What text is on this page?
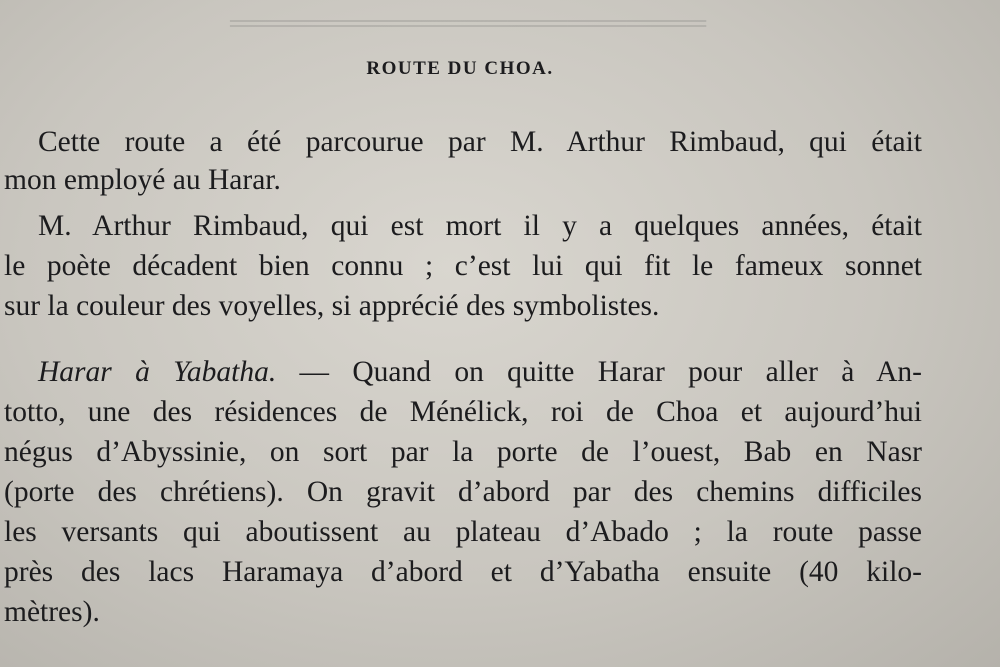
════════════════════════
ROUTE DU CHOA.
Cette route a été parcourue par M. Arthur Rimbaud, qui était
mon employé au Harar.
M. Arthur Rimbaud, qui est mort il y a quelques années, était
le poète décadent bien connu ; c’est lui qui fit le fameux sonnet
sur la couleur des voyelles, si apprécié des symbolistes.
Harar à Yabatha. — Quand on quitte Harar pour aller à An-
totto, une des résidences de Ménélick, roi de Choa et aujourd’hui
négus d’Abyssinie, on sort par la porte de l’ouest, Bab en Nasr
(porte des chrétiens). On gravit d’abord par des chemins difficiles
les versants qui aboutissent au plateau d’Abado ; la route passe
près des lacs Haramaya d’abord et d’Yabatha ensuite (40 kilo-
mètres).
